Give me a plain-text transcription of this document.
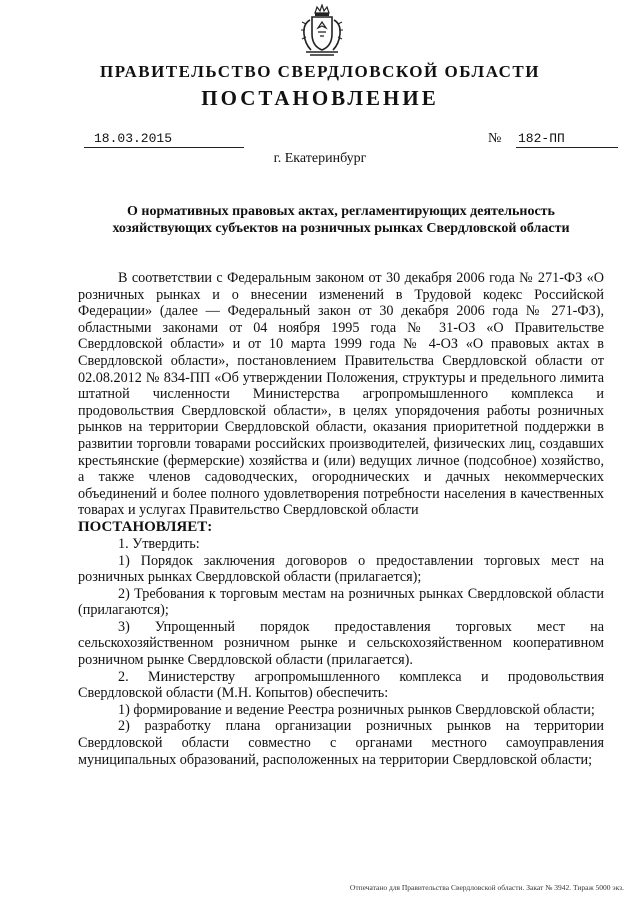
ПРАВИТЕЛЬСТВО СВЕРДЛОВСКОЙ ОБЛАСТИ
ПОСТАНОВЛЕНИЕ
18.03.2015	№ 182-ПП
г. Екатеринбург
О нормативных правовых актах, регламентирующих деятельность хозяйствующих субъектов на розничных рынках Свердловской области

В соответствии с Федеральным законом от 30 декабря 2006 года № 271-ФЗ «О розничных рынках и о внесении изменений в Трудовой кодекс Российской Федерации» (далее — Федеральный закон от 30 декабря 2006 года № 271-ФЗ), областными законами от 04 ноября 1995 года № 31-ОЗ «О Правительстве Свердловской области» и от 10 марта 1999 года № 4-ОЗ «О правовых актах в Свердловской области», постановлением Правительства Свердловской области от 02.08.2012 № 834-ПП «Об утверждении Положения, структуры и предельного лимита штатной численности Министерства агропромышленного комплекса и продовольствия Свердловской области», в целях упорядочения работы розничных рынков на территории Свердловской области, оказания приоритетной поддержки в развитии торговли товарами российских производителей, физических лиц, создавших крестьянские (фермерские) хозяйства и (или) ведущих личное (подсобное) хозяйство, а также членов садоводческих, огороднических и дачных некоммерческих объединений и более полного удовлетворения потребности населения в качественных товарах и услугах Правительство Свердловской области

ПОСТАНОВЛЯЕТ:

1. Утвердить:

1) Порядок заключения договоров о предоставлении торговых мест на розничных рынках Свердловской области (прилагается);

2) Требования к торговым местам на розничных рынках Свердловской области (прилагаются);

3) Упрощенный порядок предоставления торговых мест на сельскохозяйственном розничном рынке и сельскохозяйственном кооперативном розничном рынке Свердловской области (прилагается).

2. Министерству агропромышленного комплекса и продовольствия Свердловской области (М.Н. Копытов) обеспечить:

1) формирование и ведение Реестра розничных рынков Свердловской области;

2) разработку плана организации розничных рынков на территории Свердловской области совместно с органами местного самоуправления муниципальных образований, расположенных на территории Свердловской области;

Отпечатано для Правительства Свердловской области. Закат № 3942. Тираж 5000 экз.
